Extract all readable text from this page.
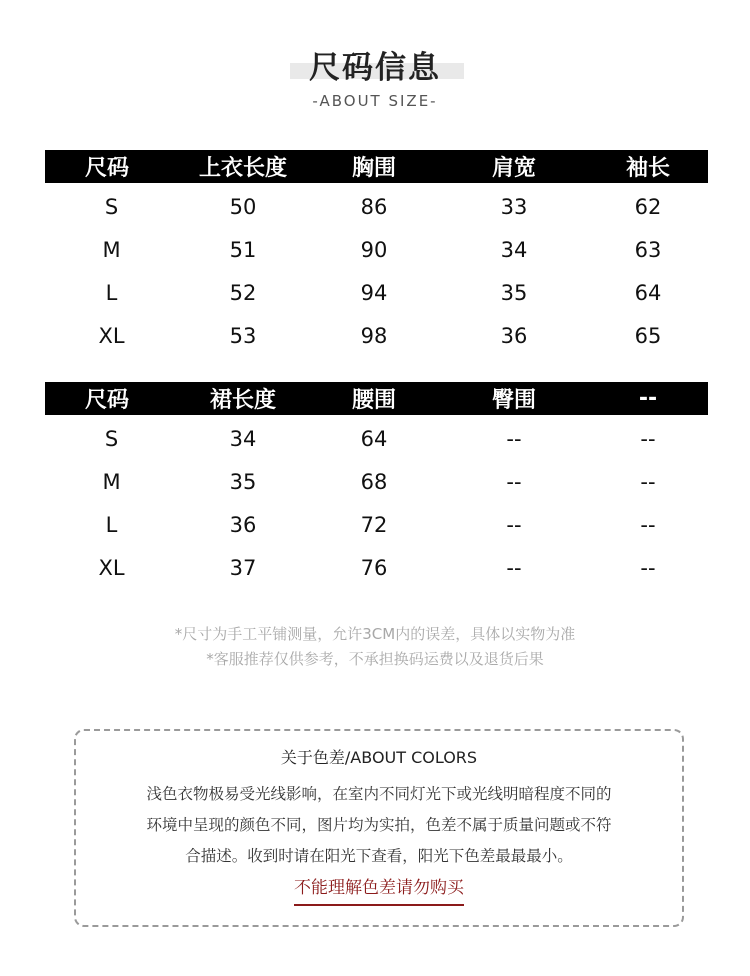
尺码信息
-ABOUT SIZE-
尺码	上衣长度	胸围	肩宽	袖长
S	50	86	33	62
M	51	90	34	63
L	52	94	35	64
XL	53	98	36	65
尺码	裙长度	腰围	臀围	--
S	34	64	--	--
M	35	68	--	--
L	36	72	--	--
XL	37	76	--	--
*尺寸为手工平铺测量，允许3CM内的误差，具体以实物为准
*客服推荐仅供参考，不承担换码运费以及退货后果
关于色差/ABOUT COLORS
浅色衣物极易受光线影响，在室内不同灯光下或光线明暗程度不同的
环境中呈现的颜色不同，图片均为实拍，色差不属于质量问题或不符
合描述。收到时请在阳光下查看，阳光下色差最最最小。
不能理解色差请勿购买
